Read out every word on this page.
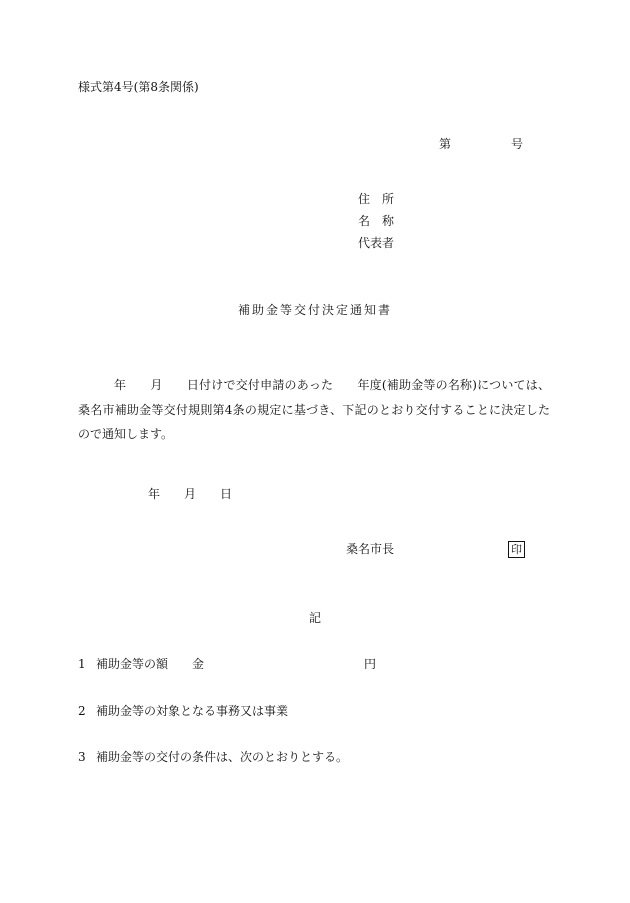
様式第4号(第8条関係)
第	号
住　所
名　称
代表者
補助金等交付決定通知書
年 月 日付けで交付申請のあった 年度(補助金等の名称)については、桑名市補助金等交付規則第4条の規定に基づき、下記のとおり交付することに決定したので通知します。
年 月 日
桑名市長	印
記
1 補助金等の額 金	円
2 補助金等の対象となる事務又は事業
3 補助金等の交付の条件は、次のとおりとする。
